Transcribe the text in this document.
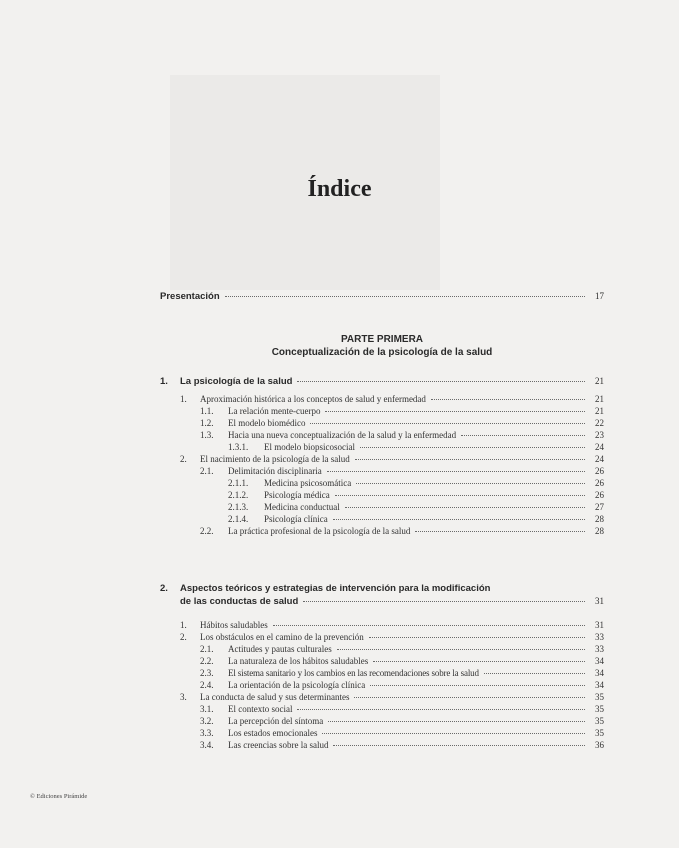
Índice
Presentación	17
PARTE PRIMERA
Conceptualización de la psicología de la salud
1.	La psicología de la salud	21
1.	Aproximación histórica a los conceptos de salud y enfermedad	21
1.1.	La relación mente-cuerpo	21
1.2.	El modelo biomédico	22
1.3.	Hacia una nueva conceptualización de la salud y la enfermedad	23
1.3.1.	El modelo biopsicosocial	24
2.	El nacimiento de la psicología de la salud	24
2.1.	Delimitación disciplinaria	26
2.1.1.	Medicina psicosomática	26
2.1.2.	Psicología médica	26
2.1.3.	Medicina conductual	27
2.1.4.	Psicología clínica	28
2.2.	La práctica profesional de la psicología de la salud	28
2.	Aspectos teóricos y estrategias de intervención para la modificación
de las conductas de salud	31
1.	Hábitos saludables	31
2.	Los obstáculos en el camino de la prevención	33
2.1.	Actitudes y pautas culturales	33
2.2.	La naturaleza de los hábitos saludables	34
2.3.	El sistema sanitario y los cambios en las recomendaciones sobre la salud	34
2.4.	La orientación de la psicología clínica	34
3.	La conducta de salud y sus determinantes	35
3.1.	El contexto social	35
3.2.	La percepción del síntoma	35
3.3.	Los estados emocionales	35
3.4.	Las creencias sobre la salud	36
© Ediciones Pirámide
